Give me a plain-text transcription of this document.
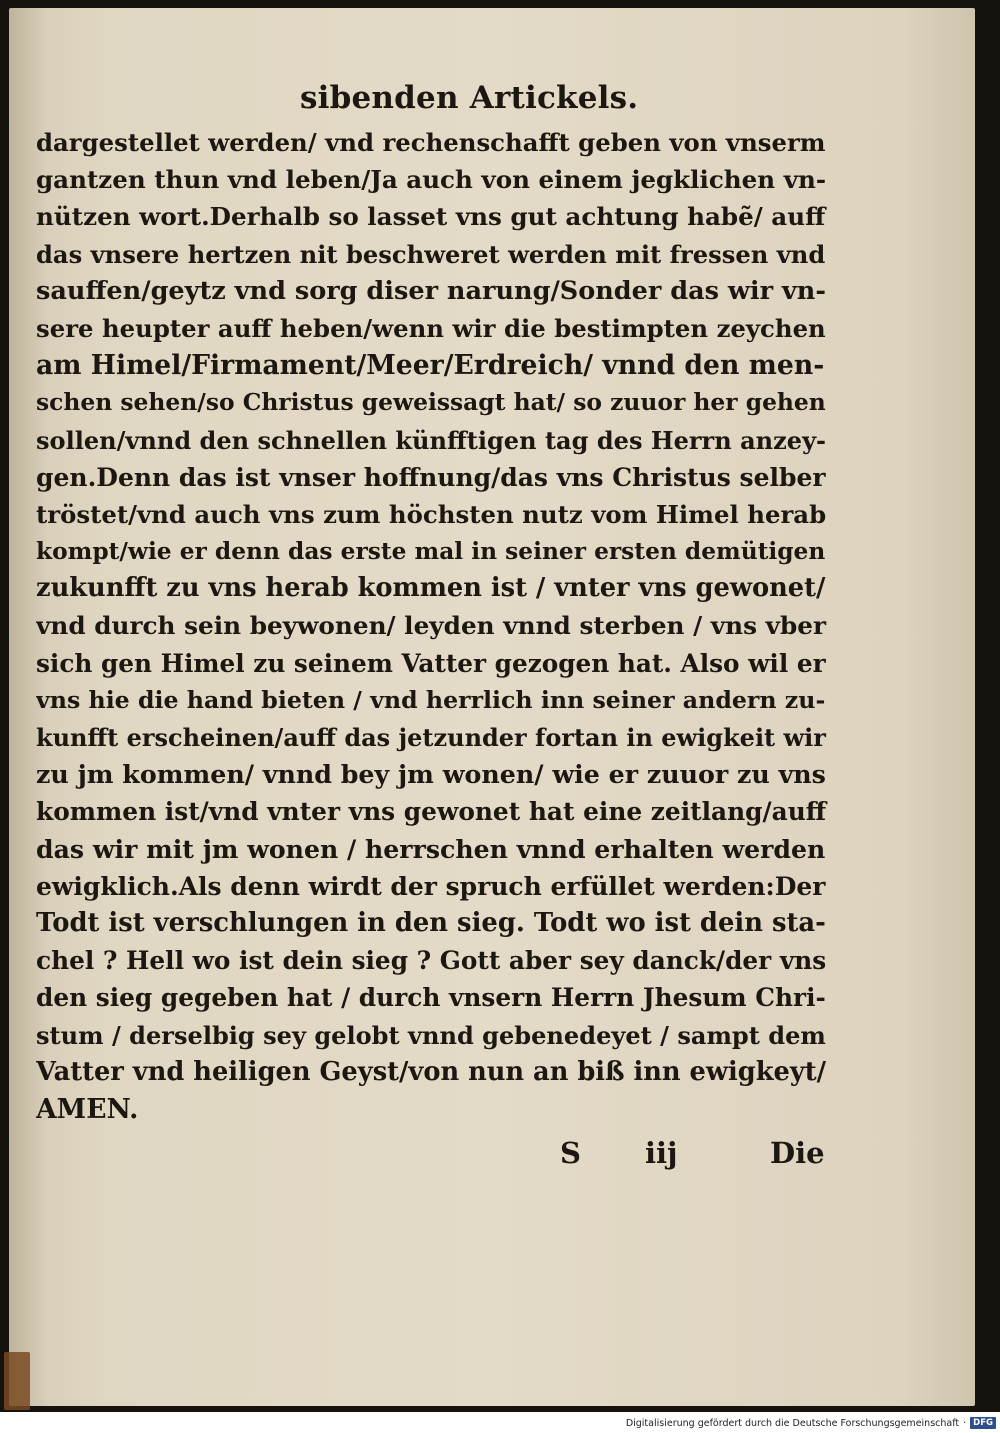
sibenden Artickels.
dargestellet werden/ vnd rechenschafft geben von vnserm
gantzen thun vnd leben/Ja auch von einem jegklichen vn-
nützen wort.Derhalb so lasset vns gut achtung habẽ/ auff
das vnsere hertzen nit beschweret werden mit fressen vnd
sauffen/geytz vnd sorg diser narung/Sonder das wir vn-
sere heupter auff heben/wenn wir die bestimpten zeychen
am Himel/Firmament/Meer/Erdreich/ vnnd den men-
schen sehen/so Christus geweissagt hat/ so zuuor her gehen
sollen/vnnd den schnellen künfftigen tag des Herrn anzey-
gen.Denn das ist vnser hoffnung/das vns Christus selber
tröstet/vnd auch vns zum höchsten nutz vom Himel herab
kompt/wie er denn das erste mal in seiner ersten demütigen
zukunfft zu vns herab kommen ist / vnter vns gewonet/
vnd durch sein beywonen/ leyden vnnd sterben / vns vber
sich gen Himel zu seinem Vatter gezogen hat. Also wil er
vns hie die hand bieten / vnd herrlich inn seiner andern zu-
kunfft erscheinen/auff das jetzunder fortan in ewigkeit wir
zu jm kommen/ vnnd bey jm wonen/ wie er zuuor zu vns
kommen ist/vnd vnter vns gewonet hat eine zeitlang/auff
das wir mit jm wonen / herrschen vnnd erhalten werden
ewigklich.Als denn wirdt der spruch erfüllet werden:Der
Todt ist verschlungen in den sieg. Todt wo ist dein sta-
chel ? Hell wo ist dein sieg ? Gott aber sey danck/der vns
den sieg gegeben hat / durch vnsern Herrn Jhesum Chri-
stum / derselbig sey gelobt vnnd gebenedeyet / sampt dem
Vatter vnd heiligen Geyst/von nun an biß inn ewigkeyt/
AMEN.
S iij	Die
Digitalisierung gefördert durch die Deutsche Forschungsgemeinschaft · DFG
